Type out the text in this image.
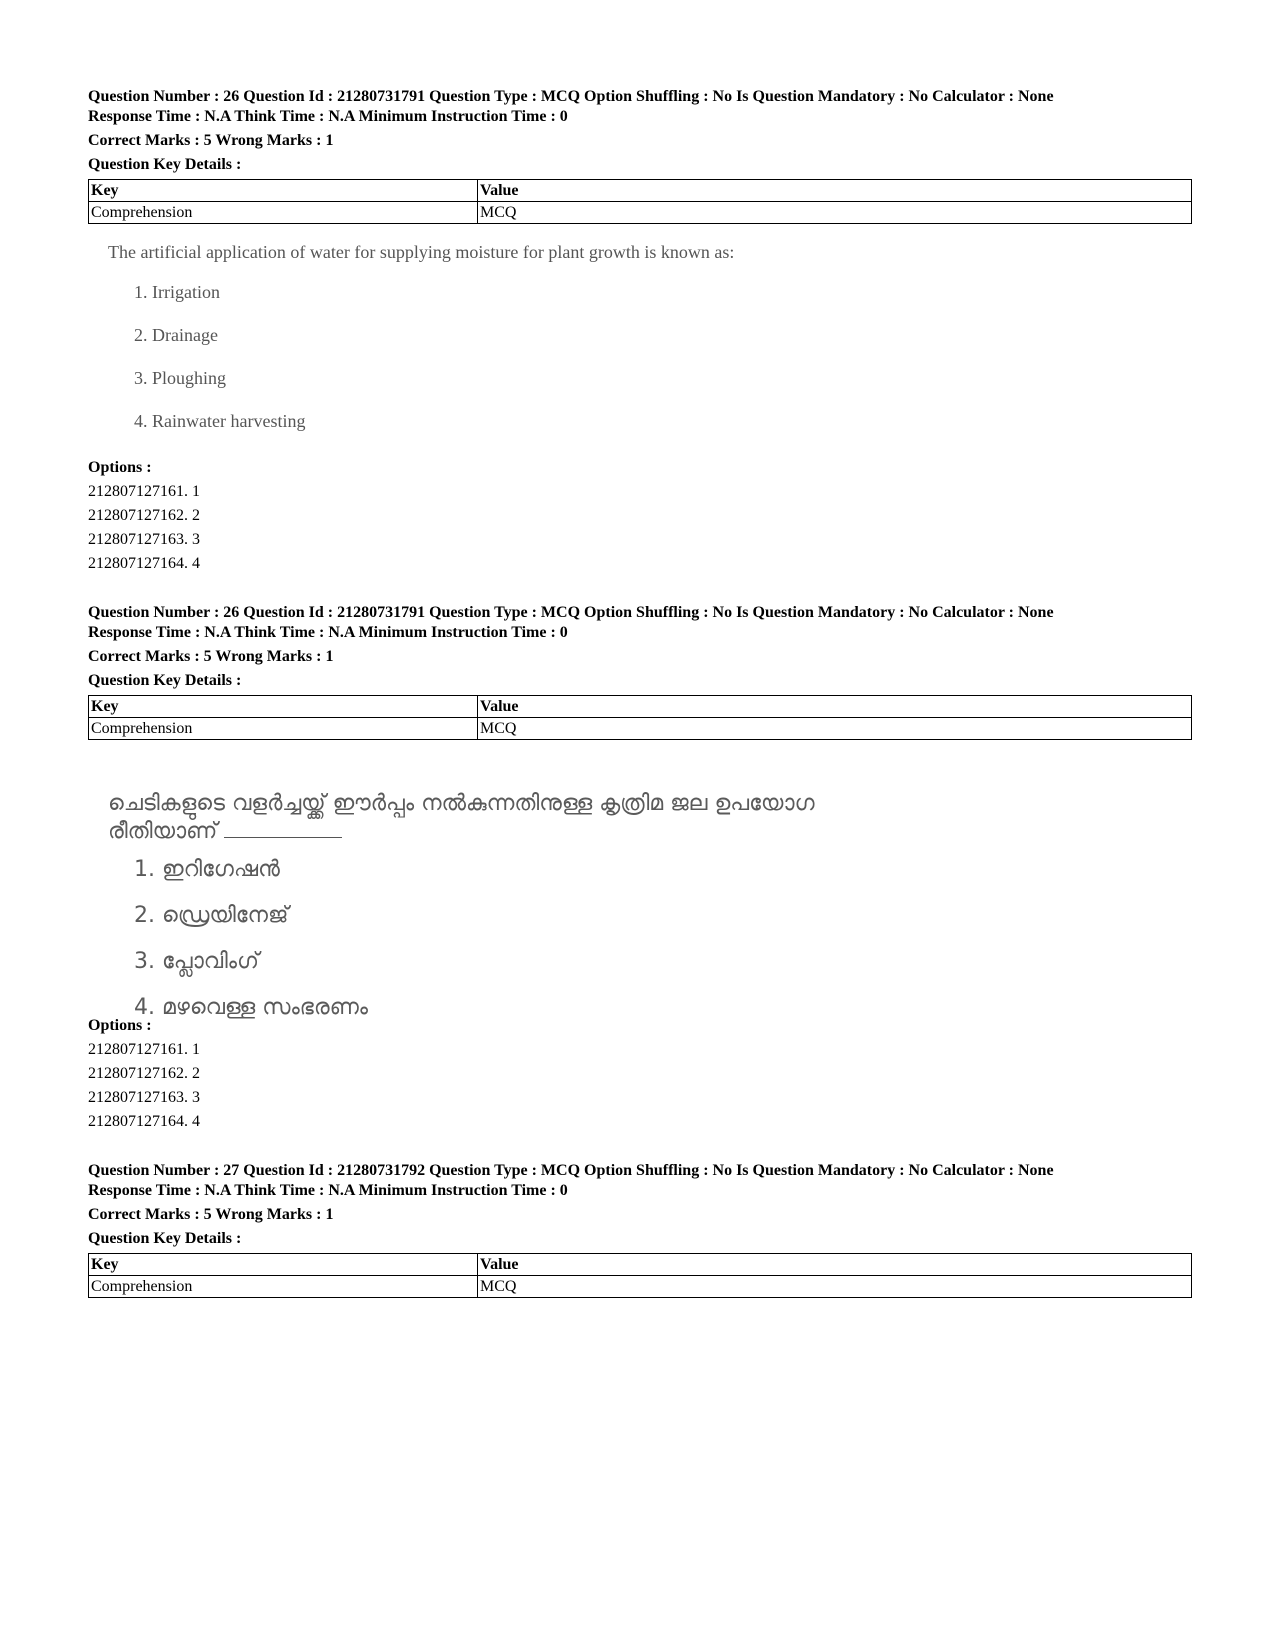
Question Number : 26 Question Id : 21280731791 Question Type : MCQ Option Shuffling : No Is Question Mandatory : No Calculator : None

Response Time : N.A Think Time : N.A Minimum Instruction Time : 0

Correct Marks : 5 Wrong Marks : 1

Question Key Details :

Key	Value
Comprehension	MCQ

The artificial application of water for supplying moisture for plant growth is known as:

1. Irrigation

2. Drainage

3. Ploughing

4. Rainwater harvesting

Options :

212807127161. 1

212807127162. 2

212807127163. 3

212807127164. 4

Question Number : 26 Question Id : 21280731791 Question Type : MCQ Option Shuffling : No Is Question Mandatory : No Calculator : None

Response Time : N.A Think Time : N.A Minimum Instruction Time : 0

Correct Marks : 5 Wrong Marks : 1

Question Key Details :

Key	Value
Comprehension	MCQ

ചെടികളുടെ വളർച്ചയ്ക്ക് ഈർപ്പം നൽകുന്നതിനുള്ള കൃത്രിമ ജല ഉപയോഗ

രീതിയാണ്

1. ഇറിഗേഷൻ

2. ഡ്രെയിനേജ്

3. പ്ലോവിംഗ്

4. മഴവെള്ള സംഭരണം

Options :

212807127161. 1

212807127162. 2

212807127163. 3

212807127164. 4

Question Number : 27 Question Id : 21280731792 Question Type : MCQ Option Shuffling : No Is Question Mandatory : No Calculator : None

Response Time : N.A Think Time : N.A Minimum Instruction Time : 0

Correct Marks : 5 Wrong Marks : 1

Question Key Details :

Key	Value
Comprehension	MCQ
